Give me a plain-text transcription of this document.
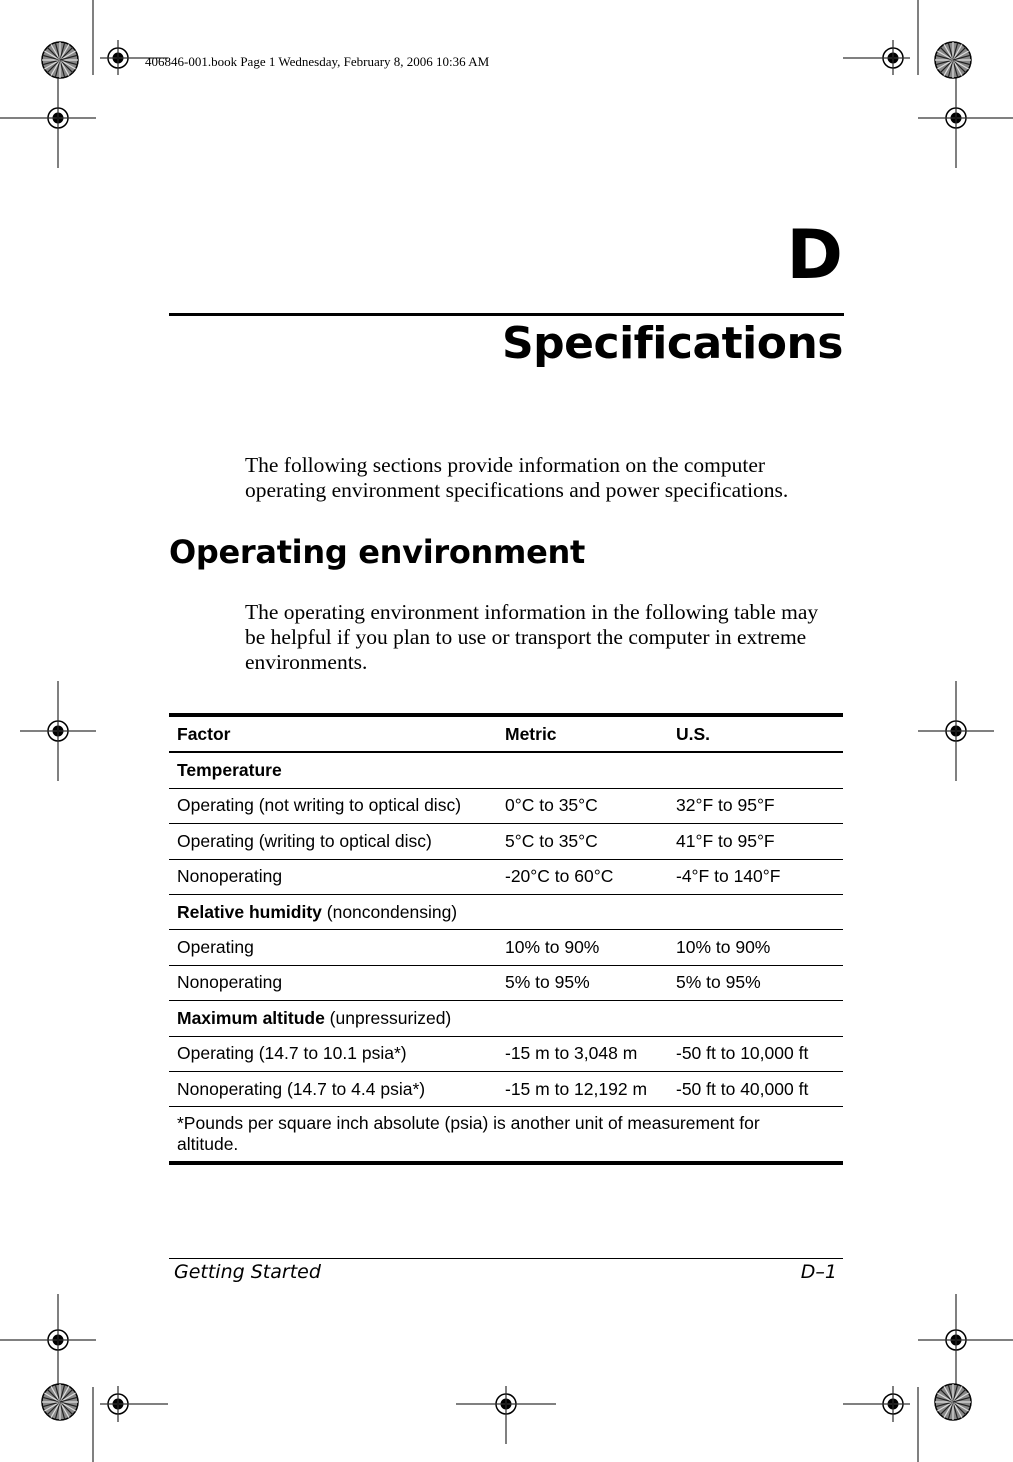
406846-001.book Page 1 Wednesday, February 8, 2006 10:36 AM
D
Specifications

The following sections provide information on the computer operating environment specifications and power specifications.

Operating environment

The operating environment information in the following table may be helpful if you plan to use or transport the computer in extreme environments.

Factor	Metric	U.S.
Temperature		
Operating (not writing to optical disc)	0°C to 35°C	32°F to 95°F
Operating (writing to optical disc)	5°C to 35°C	41°F to 95°F
Nonoperating	-20°C to 60°C	-4°F to 140°F
Relative humidity (noncondensing)		
Operating	10% to 90%	10% to 90%
Nonoperating	5% to 95%	5% to 95%
Maximum altitude (unpressurized)		
Operating (14.7 to 10.1 psia*)	-15 m to 3,048 m	-50 ft to 10,000 ft
Nonoperating (14.7 to 4.4 psia*)	-15 m to 12,192 m	-50 ft to 40,000 ft
*Pounds per square inch absolute (psia) is another unit of measurement for altitude.		
Getting Started	D–1
